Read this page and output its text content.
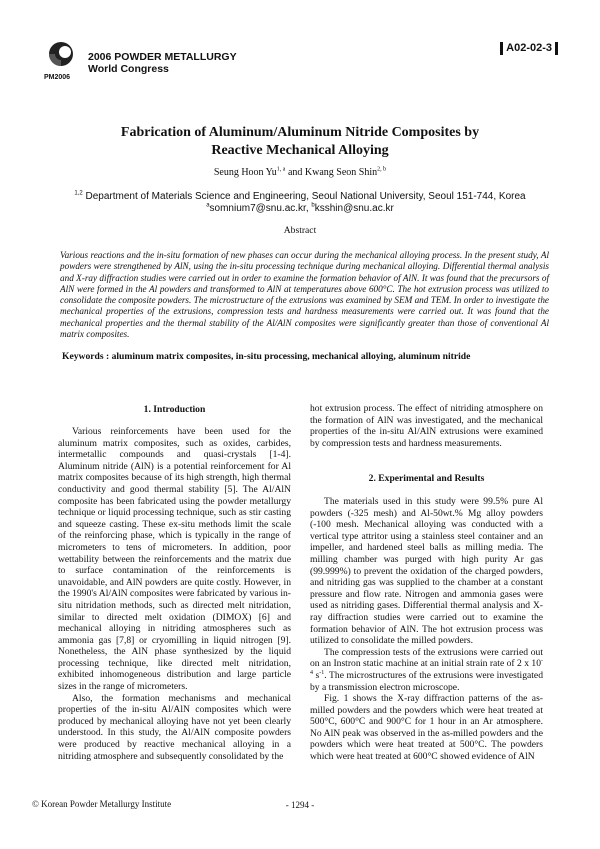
PM2006
2006 POWDER METALLURGY
World Congress
A02-02-3
Fabrication of Aluminum/Aluminum Nitride Composites by
Reactive Mechanical Alloying
Seung Hoon Yu$^{1, a}$ and Kwang Seon Shin$^{2, b}$
$^{1,2}$ Department of Materials Science and Engineering, Seoul National University, Seoul 151-744, Korea
$^a$somnium7@snu.ac.kr, $^b$ksshin@snu.ac.kr
Abstract
Various reactions and the in-situ formation of new phases can occur during the mechanical alloying process. In the present study, Al powders were strengthened by AlN, using the in-situ processing technique during mechanical alloying. Differential thermal analysis and X-ray diffraction studies were carried out in order to examine the formation behavior of AlN. It was found that the precursors of AlN were formed in the Al powders and transformed to AlN at temperatures above 600°C. The hot extrusion process was utilized to consolidate the composite powders. The microstructure of the extrusions was examined by SEM and TEM. In order to investigate the mechanical properties of the extrusions, compression tests and hardness measurements were carried out. It was found that the mechanical properties and the thermal stability of the Al/AlN composites were significantly greater than those of conventional Al matrix composites.
Keywords : aluminum matrix composites, in-situ processing, mechanical alloying, aluminum nitride
1. Introduction

Various reinforcements have been used for the aluminum matrix composites, such as oxides, carbides, intermetallic compounds and quasi-crystals [1-4]. Aluminum nitride (AlN) is a potential reinforcement for Al matrix composites because of its high strength, high thermal conductivity and good thermal stability [5]. The Al/AlN composite has been fabricated using the powder metallurgy technique or liquid processing technique, such as stir casting and squeeze casting. These ex-situ methods limit the scale of the reinforcing phase, which is typically in the range of micrometers to tens of micrometers. In addition, poor wettability between the reinforcements and the matrix due to surface contamination of the reinforcements is unavoidable, and AlN powders are quite costly. However, in the 1990's Al/AlN composites were fabricated by various in-situ nitridation methods, such as directed melt nitridation, similar to directed melt oxidation (DIMOX) [6] and mechanical alloying in nitriding atmospheres such as ammonia gas [7,8] or cryomilling in liquid nitrogen [9]. Nonetheless, the AlN phase synthesized by the liquid processing technique, like directed melt nitridation, exhibited inhomogeneous distribution and large particle sizes in the range of micrometers.

Also, the formation mechanisms and mechanical properties of the in-situ Al/AlN composites which were produced by mechanical alloying have not yet been clearly understood. In this study, the Al/AlN composite powders were produced by reactive mechanical alloying in a nitriding atmosphere and subsequently consolidated by the

hot extrusion process. The effect of nitriding atmosphere on the formation of AlN was investigated, and the mechanical properties of the in-situ Al/AlN extrusions were examined by compression tests and hardness measurements.

2. Experimental and Results

The materials used in this study were 99.5% pure Al powders (-325 mesh) and Al-50wt.% Mg alloy powders (-100 mesh. Mechanical alloying was conducted with a vertical type attritor using a stainless steel container and an impeller, and hardened steel balls as milling media. The milling chamber was purged with high purity Ar gas (99.999%) to prevent the oxidation of the charged powders, and nitriding gas was supplied to the chamber at a constant pressure and flow rate. Nitrogen and ammonia gases were used as nitriding gases. Differential thermal analysis and X-ray diffraction studies were carried out to examine the formation behavior of AlN. The hot extrusion process was utilized to consolidate the milled powders.

The compression tests of the extrusions were carried out on an Instron static machine at an initial strain rate of 2 x $10^{-4}$ $s^{-1}$. The microstructures of the extrusions were investigated by a transmission electron microscope.

Fig. 1 shows the X-ray diffraction patterns of the as-milled powders and the powders which were heat treated at 500°C, 600°C and 900°C for 1 hour in an Ar atmosphere. No AlN peak was observed in the as-milled powders and the powders which were heat treated at 500°C. The powders which were heat treated at 600°C showed evidence of AlN

© Korean Powder Metallurgy Institute	- 1294 -
